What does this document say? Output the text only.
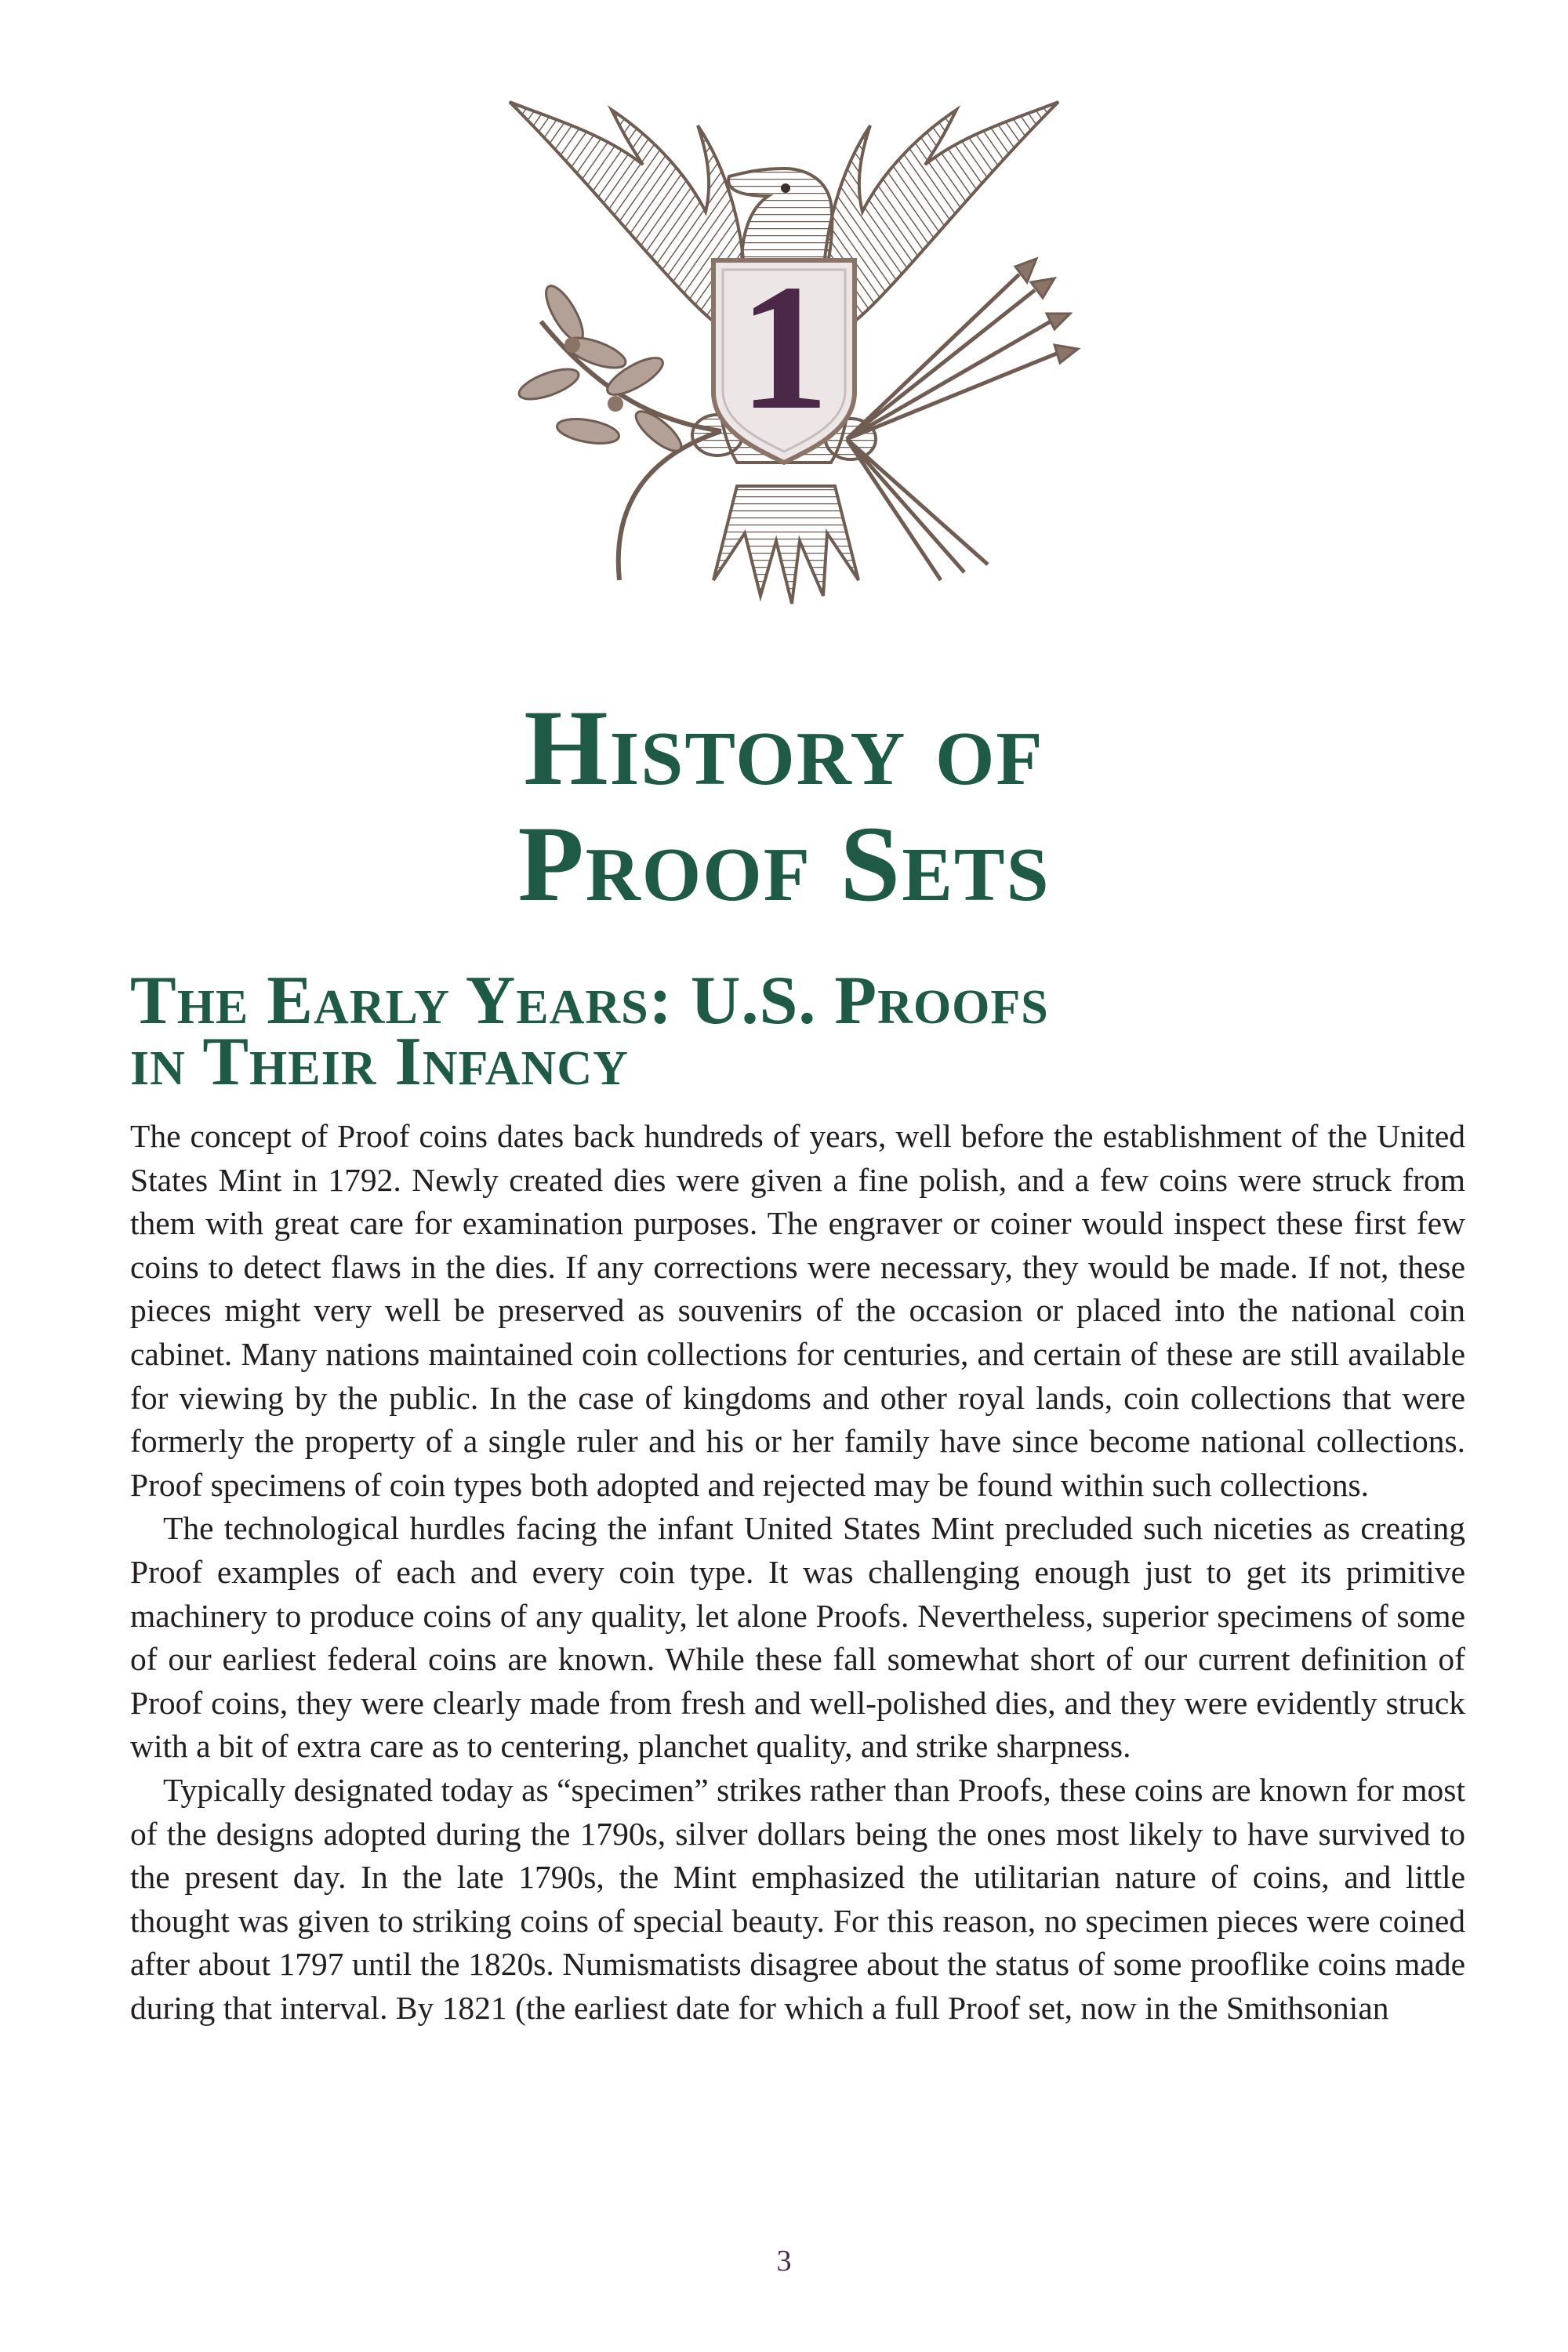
1
History of
Proof Sets
The Early Years: U.S. Proofs
in Their Infancy

The concept of Proof coins dates back hundreds of years, well before the establishment of the United States Mint in 1792. Newly created dies were given a fine polish, and a few coins were struck from them with great care for examination purposes. The engraver or coiner would inspect these first few coins to detect flaws in the dies. If any corrections were necessary, they would be made. If not, these pieces might very well be preserved as souvenirs of the occasion or placed into the national coin cabinet. Many nations maintained coin collections for centuries, and certain of these are still available for viewing by the public. In the case of kingdoms and other royal lands, coin collections that were formerly the property of a single ruler and his or her family have since become national collections. Proof specimens of coin types both adopted and rejected may be found within such collections.

The technological hurdles facing the infant United States Mint precluded such niceties as creating Proof examples of each and every coin type. It was challenging enough just to get its primitive machinery to produce coins of any quality, let alone Proofs. Nevertheless, superior specimens of some of our earliest federal coins are known. While these fall somewhat short of our current definition of Proof coins, they were clearly made from fresh and well-polished dies, and they were evidently struck with a bit of extra care as to centering, planchet quality, and strike sharpness.

Typically designated today as “specimen” strikes rather than Proofs, these coins are known for most of the designs adopted during the 1790s, silver dollars being the ones most likely to have survived to the present day. In the late 1790s, the Mint emphasized the utilitarian nature of coins, and little thought was given to striking coins of special beauty. For this reason, no specimen pieces were coined after about 1797 until the 1820s. Numismatists disagree about the status of some prooflike coins made during that interval. By 1821 (the earliest date for which a full Proof set, now in the Smithsonian

3
